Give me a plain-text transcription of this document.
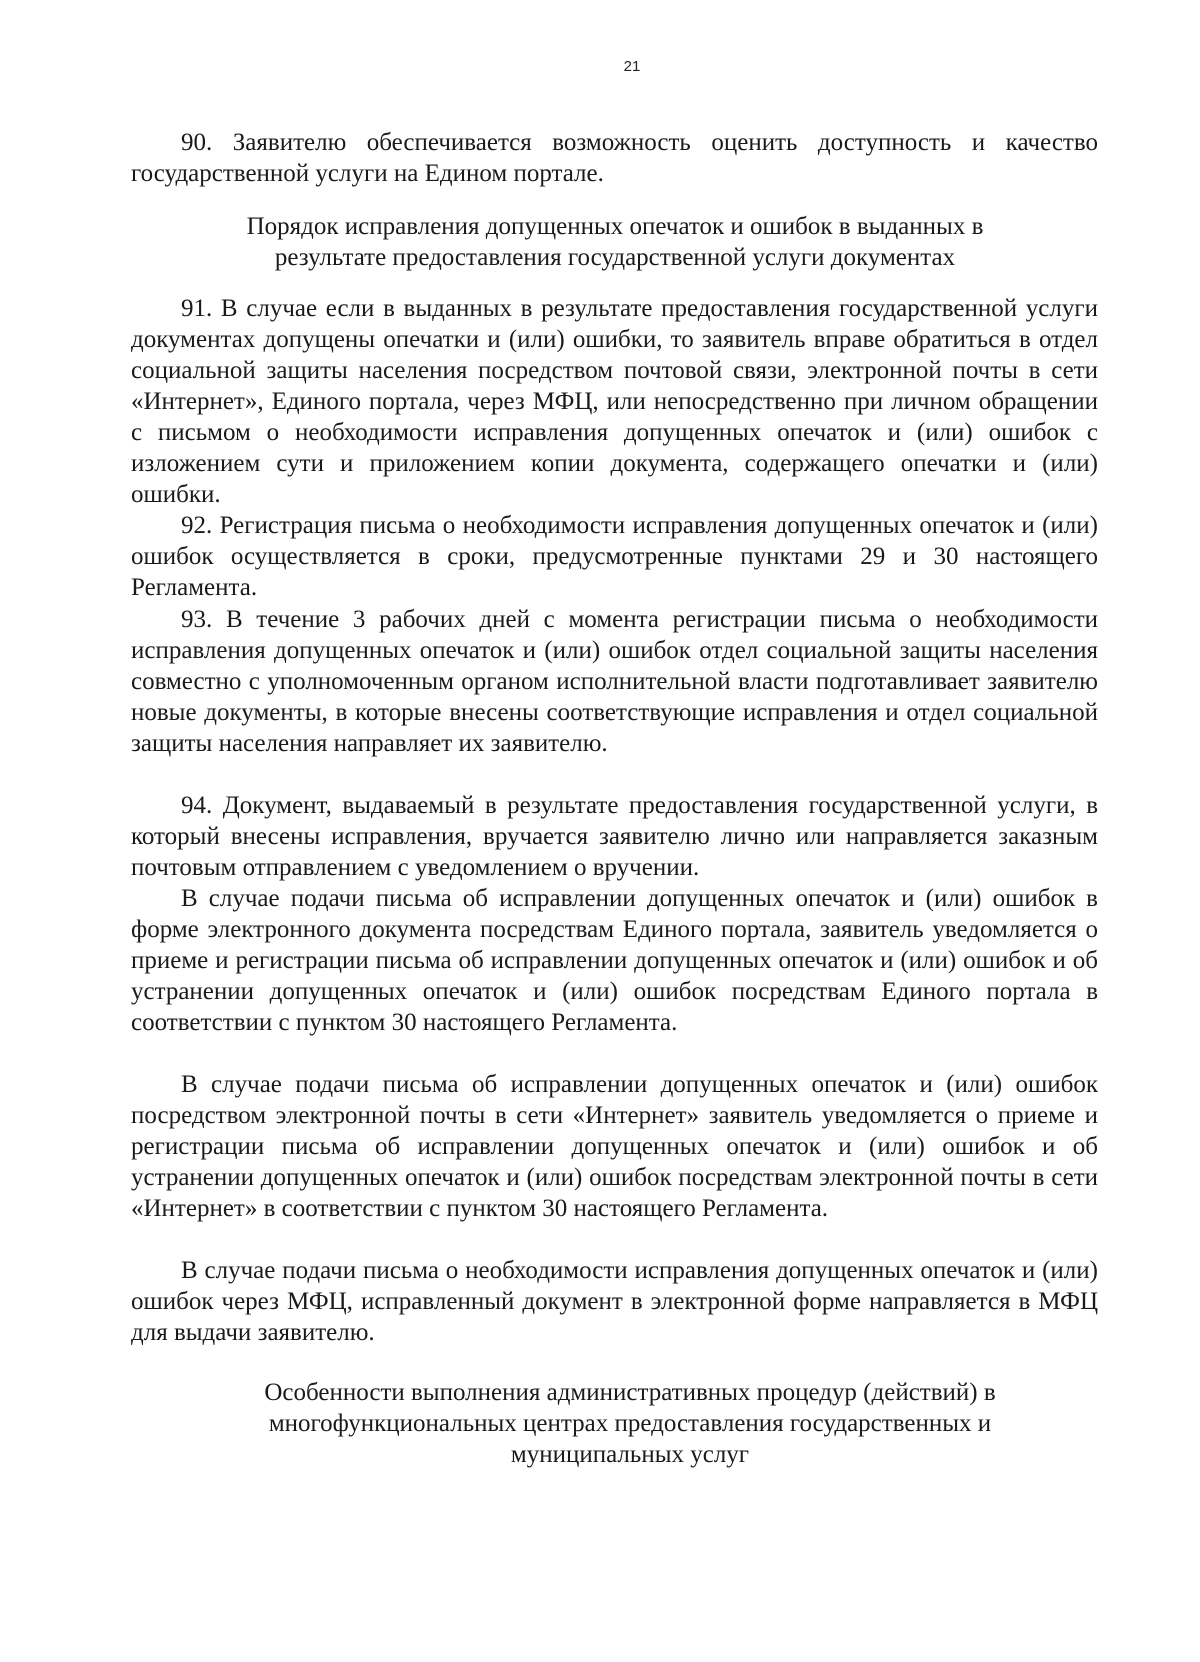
21

90. Заявителю обеспечивается возможность оценить доступность и качество государственной услуги на Едином портале.

Порядок исправления допущенных опечаток и ошибок в выданных в результате предоставления государственной услуги документах

91. В случае если в выданных в результате предоставления государственной услуги документах допущены опечатки и (или) ошибки, то заявитель вправе обратиться в отдел социальной защиты населения посредством почтовой связи, электронной почты в сети «Интернет», Единого портала, через МФЦ, или непосредственно при личном обращении с письмом о необходимости исправления допущенных опечаток и (или) ошибок с изложением сути и приложением копии документа, содержащего опечатки и (или) ошибки.

92. Регистрация письма о необходимости исправления допущенных опечаток и (или) ошибок осуществляется в сроки, предусмотренные пунктами 29 и 30 настоящего Регламента.

93. В течение 3 рабочих дней с момента регистрации письма о необходимости исправления допущенных опечаток и (или) ошибок отдел социальной защиты населения совместно с уполномоченным органом исполнительной власти подготавливает заявителю новые документы, в которые внесены соответствующие исправления и отдел социальной защиты населения направляет их заявителю.

94. Документ, выдаваемый в результате предоставления государственной услуги, в который внесены исправления, вручается заявителю лично или направляется заказным почтовым отправлением с уведомлением о вручении.

В случае подачи письма об исправлении допущенных опечаток и (или) ошибок в форме электронного документа посредствам Единого портала, заявитель уведомляется о приеме и регистрации письма об исправлении допущенных опечаток и (или) ошибок и об устранении допущенных опечаток и (или) ошибок посредствам Единого портала в соответствии с пунктом 30 настоящего Регламента.

В случае подачи письма об исправлении допущенных опечаток и (или) ошибок посредством электронной почты в сети «Интернет» заявитель уведомляется о приеме и регистрации письма об исправлении допущенных опечаток и (или) ошибок и об устранении допущенных опечаток и (или) ошибок посредствам электронной почты в сети «Интернет» в соответствии с пунктом 30 настоящего Регламента.

В случае подачи письма о необходимости исправления допущенных опечаток и (или) ошибок через МФЦ, исправленный документ в электронной форме направляется в МФЦ для выдачи заявителю.

Особенности выполнения административных процедур (действий) в многофункциональных центрах предоставления государственных и муниципальных услуг
